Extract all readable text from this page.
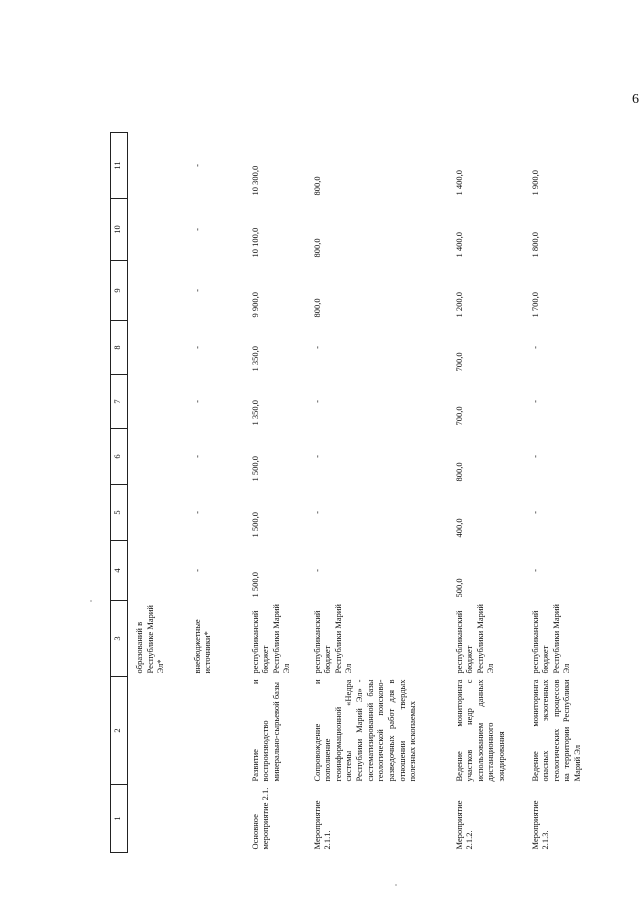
6
1	2	3	4	5	6	7	8	9	10	11
		образований в Республике Марий Эл*								
		внебюджетные источники*	-	-	-	-	-	-	-	-
Основное мероприятие 2.1.	Развитие и воспроизводство минерально-сырьевой базы	республиканский бюджет Республики Марий Эл	1 500,0	1 500,0	1 500,0	1 350,0	1 350,0	9 900,0	10 100,0	10 300,0
Мероприятие 2.1.1.	Сопровождение и пополнение геоинформационной системы «Недра Республики Марий Эл» - систематизированной базы геологической поисково-разведочных работ для в отношении твердых полезных ископаемых	республиканский бюджет Республики Марий Эл	-	-	-	-	-	800,0	800,0	800,0
Мероприятие 2.1.2.	Ведение мониторинга участков недр с использованием данных дистанционного зондирования	республиканский бюджет Республики Марий Эл	500,0	400,0	800,0	700,0	700,0	1 200,0	1 400,0	1 400,0
Мероприятие 2.1.3.	Ведение мониторинга опасных экзогенных геологических процессов на территории Республики Марий Эл	республиканский бюджет Республики Марий Эл	-	-	-	-	-	1 700,0	1 800,0	1 900,0
